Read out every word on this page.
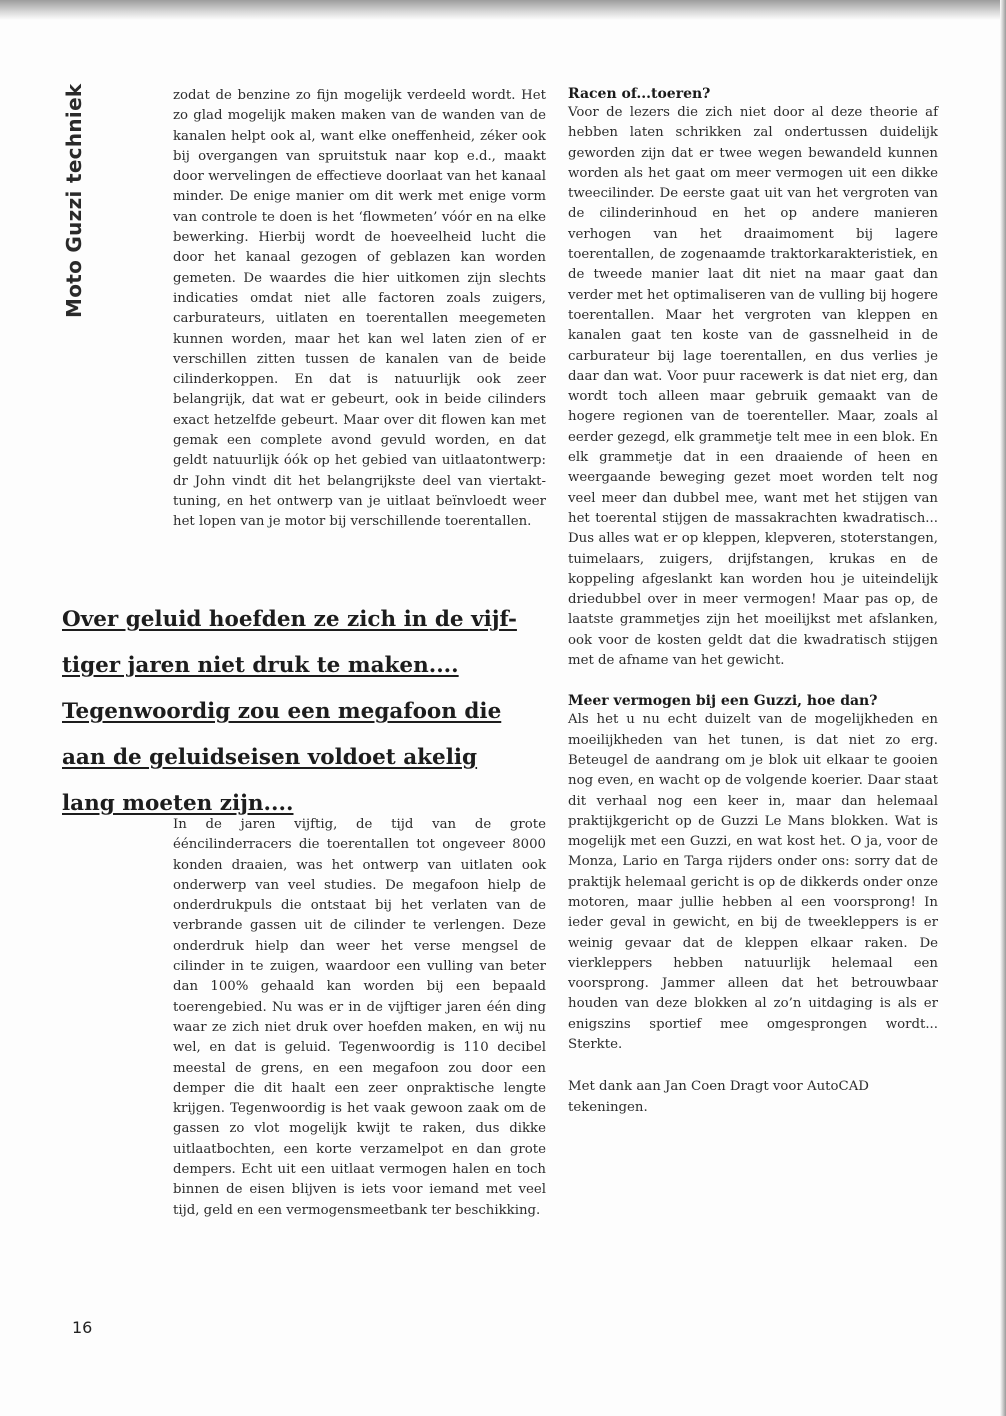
Moto Guzzi techniek	zodat de benzine zo fijn mogelijk verdeeld wordt. Het zo glad mogelijk maken maken van de wanden van de kanalen helpt ook al, want elke oneffenheid, zéker ook bij overgangen van spruitstuk naar kop e.d., maakt door wervelingen de effectieve doorlaat van het kanaal minder. De enige manier om dit werk met enige vorm van controle te doen is het ‘flowmeten’ vóór en na elke bewerking. Hierbij wordt de hoeveelheid lucht die door het kanaal gezogen of geblazen kan worden gemeten. De waardes die hier uitkomen zijn slechts indicaties omdat niet alle factoren zoals zuigers, carburateurs, uitlaten en toerentallen meegemeten kunnen worden, maar het kan wel laten zien of er verschillen zitten tussen de kanalen van de beide cilinderkoppen. En dat is natuurlijk ook zeer belangrijk, dat wat er gebeurt, ook in beide cilinders exact hetzelfde gebeurt. Maar over dit flowen kan met gemak een complete avond gevuld worden, en dat geldt natuurlijk óók op het gebied van uitlaatontwerp: dr John vindt dit het belangrijkste deel van viertakt-tuning, en het ontwerp van je uitlaat beïnvloedt weer het lopen van je motor bij verschillende toerentallen.

Over geluid hoefden ze zich in de vijf-
tiger jaren niet druk te maken....
Tegenwoordig zou een megafoon die
aan de geluidseisen voldoet akelig
lang moeten zijn....

In de jaren vijftig, de tijd van de grote ééncilinderracers die toerentallen tot ongeveer 8000 konden draaien, was het ontwerp van uitlaten ook onderwerp van veel studies. De megafoon hielp de onderdrukpuls die ontstaat bij het verlaten van de verbrande gassen uit de cilinder te verlengen. Deze onderdruk hielp dan weer het verse mengsel de cilinder in te zuigen, waardoor een vulling van beter dan 100% gehaald kan worden bij een bepaald toerengebied. Nu was er in de vijftiger jaren één ding waar ze zich niet druk over hoefden maken, en wij nu wel, en dat is geluid. Tegenwoordig is 110 decibel meestal de grens, en een megafoon zou door een demper die dit haalt een zeer onpraktische lengte krijgen. Tegenwoordig is het vaak gewoon zaak om de gassen zo vlot mogelijk kwijt te raken, dus dikke uitlaatbochten, een korte verzamelpot en dan grote dempers. Echt uit een uitlaat vermogen halen en toch binnen de eisen blijven is iets voor iemand met veel tijd, geld en een vermogensmeetbank ter beschikking.

Racen of...toeren?

Voor de lezers die zich niet door al deze theorie af hebben laten schrikken zal ondertussen duidelijk geworden zijn dat er twee wegen bewandeld kunnen worden als het gaat om meer vermogen uit een dikke tweecilinder. De eerste gaat uit van het vergroten van de cilinderinhoud en het op andere manieren verhogen van het draaimoment bij lagere toerentallen, de zogenaamde traktorkarakteristiek, en de tweede manier laat dit niet na maar gaat dan verder met het optimaliseren van de vulling bij hogere toerentallen. Maar het vergroten van kleppen en kanalen gaat ten koste van de gassnelheid in de carburateur bij lage toerentallen, en dus verlies je daar dan wat. Voor puur racewerk is dat niet erg, dan wordt toch alleen maar gebruik gemaakt van de hogere regionen van de toerenteller. Maar, zoals al eerder gezegd, elk grammetje telt mee in een blok. En elk grammetje dat in een draaiende of heen en weergaande beweging gezet moet worden telt nog veel meer dan dubbel mee, want met het stijgen van het toerental stijgen de massakrachten kwadratisch... Dus alles wat er op kleppen, klepveren, stoterstangen, tuimelaars, zuigers, drijfstangen, krukas en de koppeling afgeslankt kan worden hou je uiteindelijk driedubbel over in meer vermogen! Maar pas op, de laatste grammetjes zijn het moeilijkst met afslanken, ook voor de kosten geldt dat die kwadratisch stijgen met de afname van het gewicht.

Meer vermogen bij een Guzzi, hoe dan?

Als het u nu echt duizelt van de mogelijkheden en moeilijkheden van het tunen, is dat niet zo erg. Beteugel de aandrang om je blok uit elkaar te gooien nog even, en wacht op de volgende koerier. Daar staat dit verhaal nog een keer in, maar dan helemaal praktijkgericht op de Guzzi Le Mans blokken. Wat is mogelijk met een Guzzi, en wat kost het. O ja, voor de Monza, Lario en Targa rijders onder ons: sorry dat de praktijk helemaal gericht is op de dikkerds onder onze motoren, maar jullie hebben al een voorsprong! In ieder geval in gewicht, en bij de tweekleppers is er weinig gevaar dat de kleppen elkaar raken. De vierkleppers hebben natuurlijk helemaal een voorsprong. Jammer alleen dat het betrouwbaar houden van deze blokken al zo’n uitdaging is als er enigszins sportief mee omgesprongen wordt... Sterkte.

Met dank aan Jan Coen Dragt voor AutoCAD tekeningen.

16
